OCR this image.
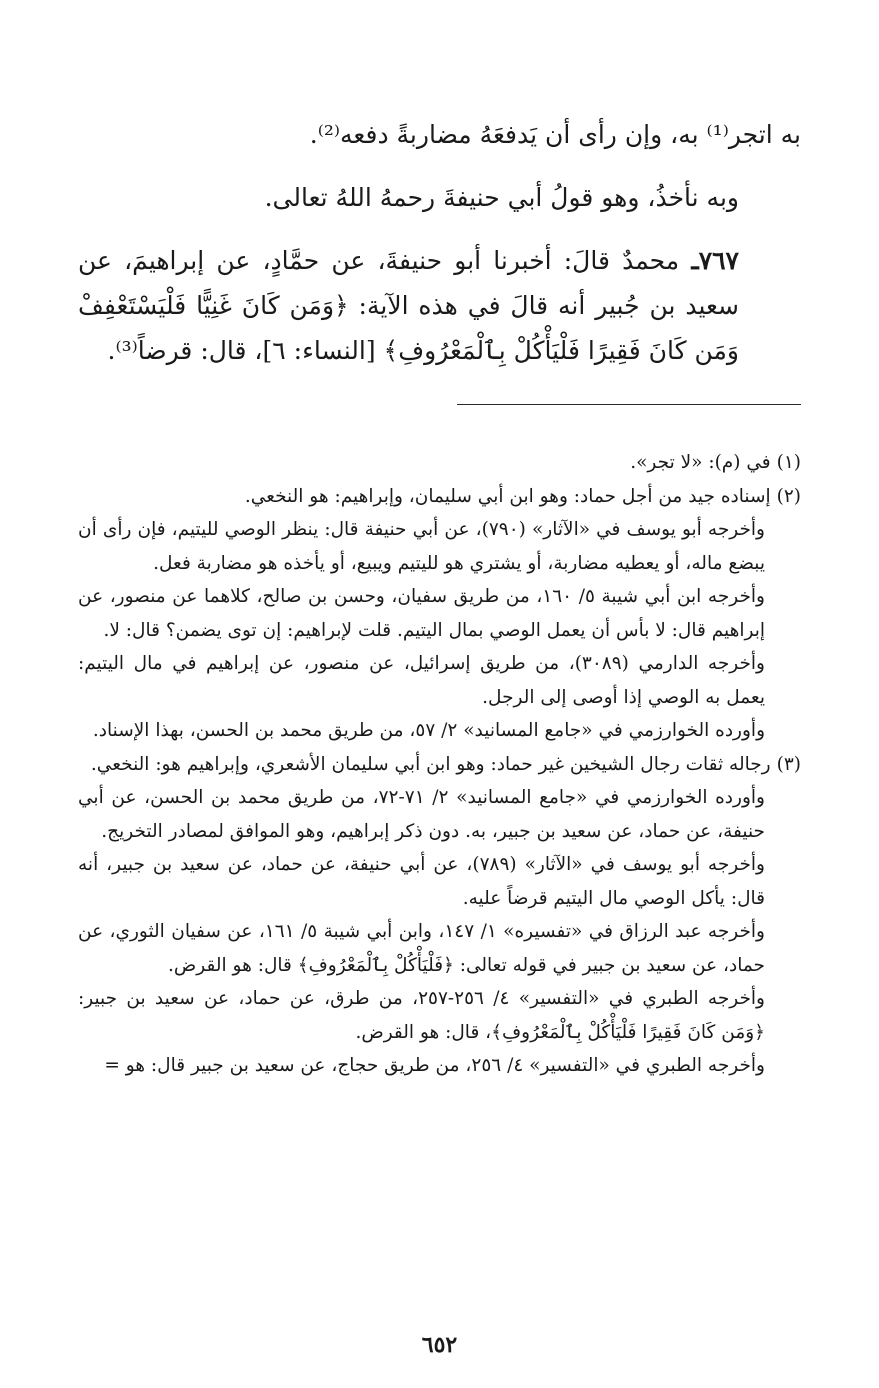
به اتجر⁽¹⁾ به، وإن رأى أن يَدفعَهُ مضاربةً دفعه⁽²⁾.

وبه نأخذُ، وهو قولُ أبي حنيفةَ رحمهُ اللهُ تعالى.

٧٦٧ـ محمدٌ قالَ: أخبرنا أبو حنيفةَ، عن حمَّادٍ، عن إبراهيمَ، عن سعيد بن جُبير أنه قالَ في هذه الآية: ﴿وَمَن كَانَ غَنِيًّا فَلْيَسْتَعْفِفْ وَمَن كَانَ فَقِيرًا فَلْيَأْكُلْ بِٱلْمَعْرُوفِ﴾ [النساء: ٦]، قال: قرضاً⁽³⁾.

(١)في (م): «لا تجر».

(٢)إسناده جيد من أجل حماد: وهو ابن أبي سليمان، وإبراهيم: هو النخعي.

وأخرجه أبو يوسف في «الآثار» (٧٩٠)، عن أبي حنيفة قال: ينظر الوصي لليتيم، فإن رأى أن يبضع ماله، أو يعطيه مضاربة، أو يشتري هو لليتيم ويبيع، أو يأخذه هو مضاربة فعل.

وأخرجه ابن أبي شيبة ٥/ ١٦٠، من طريق سفيان، وحسن بن صالح، كلاهما عن منصور، عن إبراهيم قال: لا بأس أن يعمل الوصي بمال اليتيم. قلت لإبراهيم: إن توى يضمن؟ قال: لا.

وأخرجه الدارمي (٣٠٨٩)، من طريق إسرائيل، عن منصور، عن إبراهيم في مال اليتيم: يعمل به الوصي إذا أوصى إلى الرجل.

وأورده الخوارزمي في «جامع المسانيد» ٢/ ٥٧، من طريق محمد بن الحسن، بهذا الإسناد.

(٣)رجاله ثقات رجال الشيخين غير حماد: وهو ابن أبي سليمان الأشعري، وإبراهيم هو: النخعي.

وأورده الخوارزمي في «جامع المسانيد» ٢/ ٧١-٧٢، من طريق محمد بن الحسن، عن أبي حنيفة، عن حماد، عن سعيد بن جبير، به. دون ذكر إبراهيم، وهو الموافق لمصادر التخريج.

وأخرجه أبو يوسف في «الآثار» (٧٨٩)، عن أبي حنيفة، عن حماد، عن سعيد بن جبير، أنه قال: يأكل الوصي مال اليتيم قرضاً عليه.

وأخرجه عبد الرزاق في «تفسيره» ١/ ١٤٧، وابن أبي شيبة ٥/ ١٦١، عن سفيان الثوري، عن حماد، عن سعيد بن جبير في قوله تعالى: ﴿فَلْيَأْكُلْ بِٱلْمَعْرُوفِ﴾ قال: هو القرض.

وأخرجه الطبري في «التفسير» ٤/ ٢٥٦-٢٥٧، من طرق، عن حماد، عن سعيد بن جبير: ﴿وَمَن كَانَ فَقِيرًا فَلْيَأْكُلْ بِٱلْمَعْرُوفِ﴾، قال: هو القرض.

وأخرجه الطبري في «التفسير» ٤/ ٢٥٦، من طريق حجاج، عن سعيد بن جبير قال: هو =

٦٥٢
